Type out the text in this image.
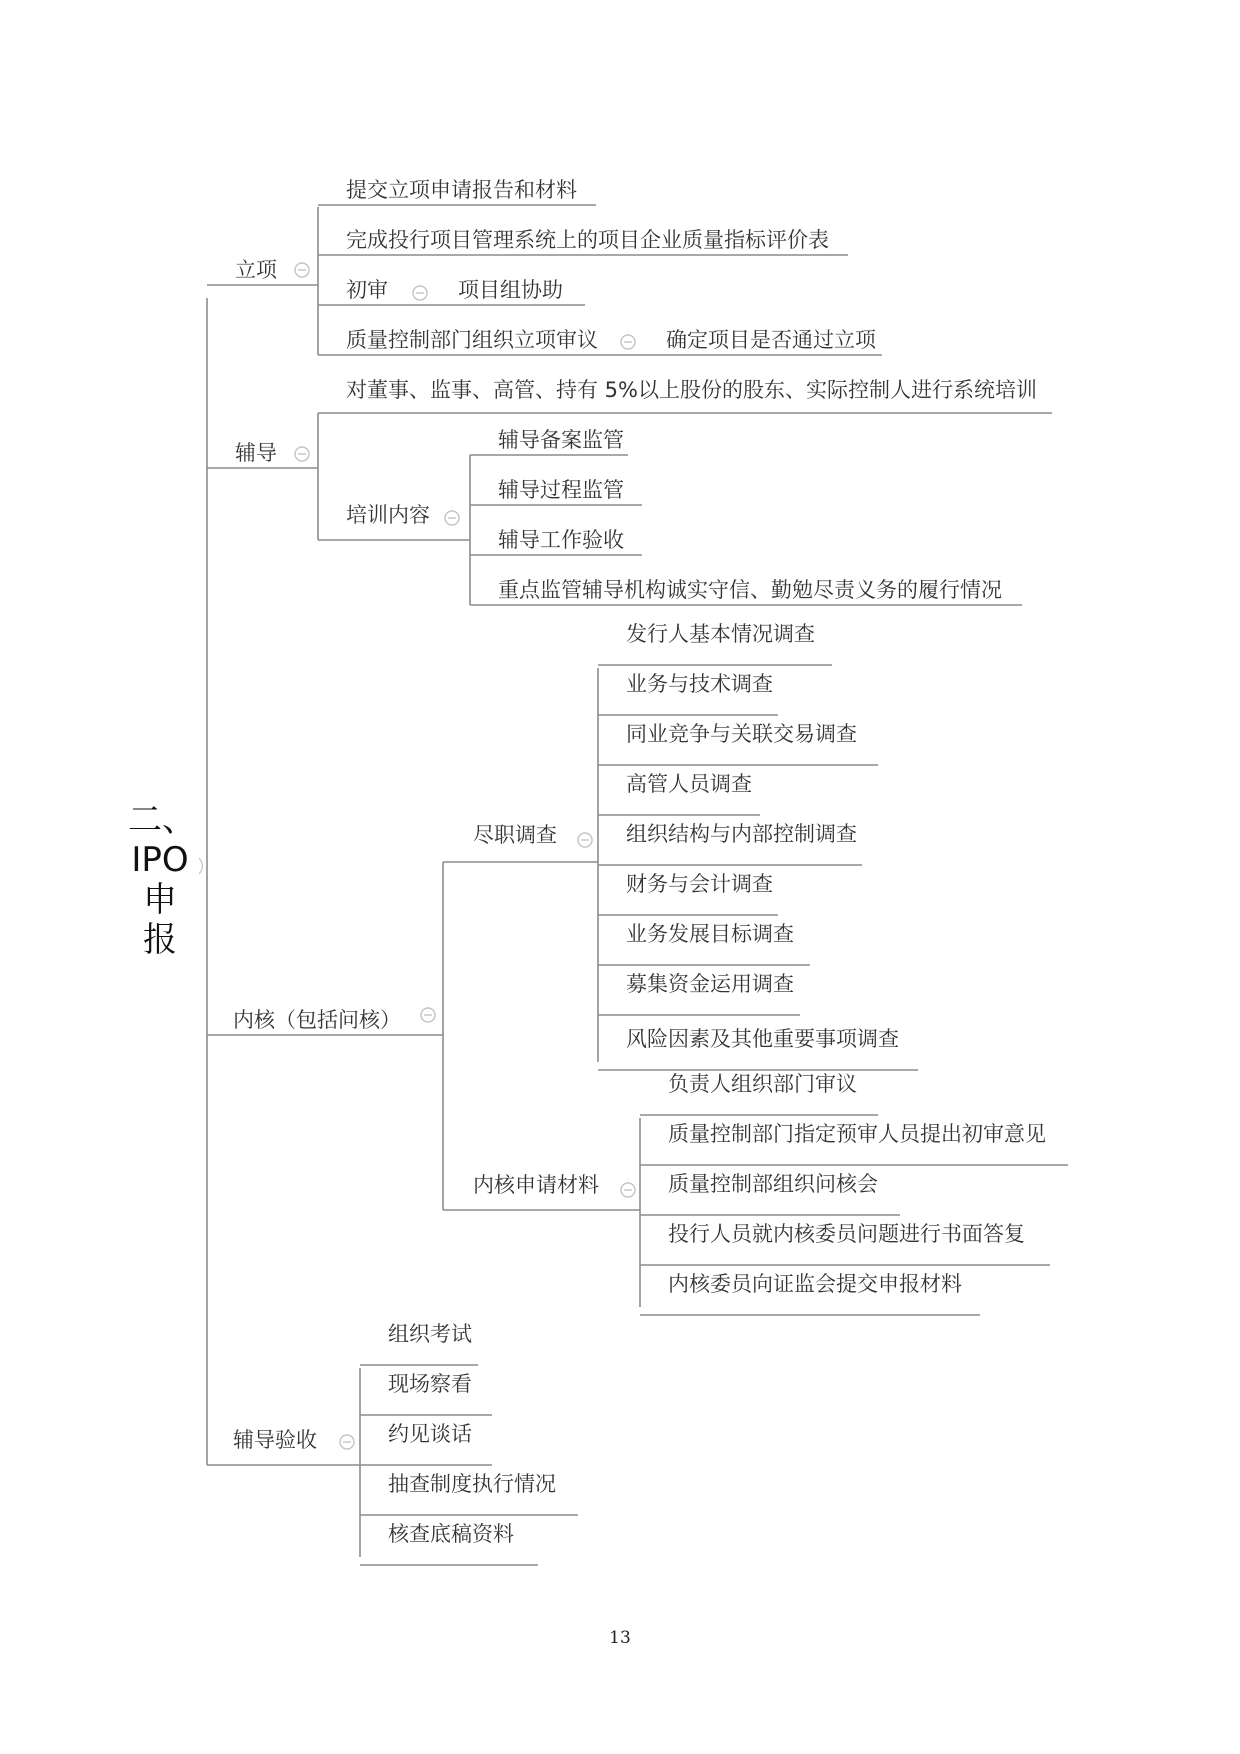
二、
IPO
申
报
立项
提交立项申请报告和材料
完成投行项目管理系统上的项目企业质量指标评价表
初审	项目组协助
质量控制部门组织立项审议	确定项目是否通过立项
辅导
对董事、监事、高管、持有 5%以上股份的股东、实际控制人进行系统培训
培训内容
辅导备案监管
辅导过程监管
辅导工作验收
重点监管辅导机构诚实守信、勤勉尽责义务的履行情况
内核（包括问核）
尽职调查
发行人基本情况调查
业务与技术调查
同业竞争与关联交易调查
高管人员调查
组织结构与内部控制调查
财务与会计调查
业务发展目标调查
募集资金运用调查
风险因素及其他重要事项调查
内核申请材料
负责人组织部门审议
质量控制部门指定预审人员提出初审意见
质量控制部组织问核会
投行人员就内核委员问题进行书面答复
内核委员向证监会提交申报材料
辅导验收
组织考试
现场察看
约见谈话
抽查制度执行情况
核查底稿资料
13
